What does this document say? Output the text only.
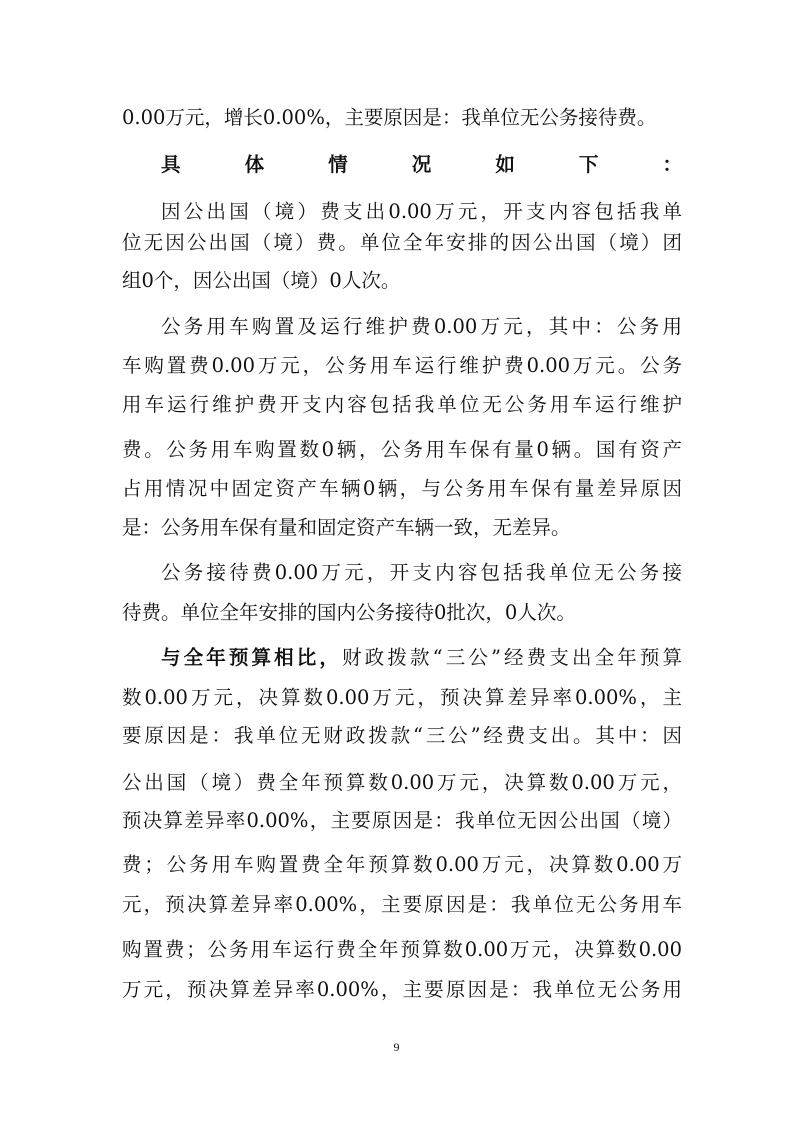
0.00万元，增长0.00%，主要原因是：我单位无公务接待费。
具体情况如下：
因公出国（境）费支出0.00万元，开支内容包括我单
位无因公出国（境）费。单位全年安排的因公出国（境）团
组0个，因公出国（境）0人次。
公务用车购置及运行维护费0.00万元，其中：公务用
车购置费0.00万元，公务用车运行维护费0.00万元。公务
用车运行维护费开支内容包括我单位无公务用车运行维护
费。公务用车购置数0辆，公务用车保有量0辆。国有资产
占用情况中固定资产车辆0辆，与公务用车保有量差异原因
是：公务用车保有量和固定资产车辆一致，无差异。
公务接待费0.00万元，开支内容包括我单位无公务接
待费。单位全年安排的国内公务接待0批次，0人次。
与全年预算相比，财政拨款“三公”经费支出全年预算
数0.00万元，决算数0.00万元，预决算差异率0.00%，主
要原因是：我单位无财政拨款“三公”经费支出。其中：因
公出国（境）费全年预算数0.00万元，决算数0.00万元，
预决算差异率0.00%，主要原因是：我单位无因公出国（境）
费；公务用车购置费全年预算数0.00万元，决算数0.00万
元，预决算差异率0.00%，主要原因是：我单位无公务用车
购置费；公务用车运行费全年预算数0.00万元，决算数0.00
万元，预决算差异率0.00%，主要原因是：我单位无公务用
9
